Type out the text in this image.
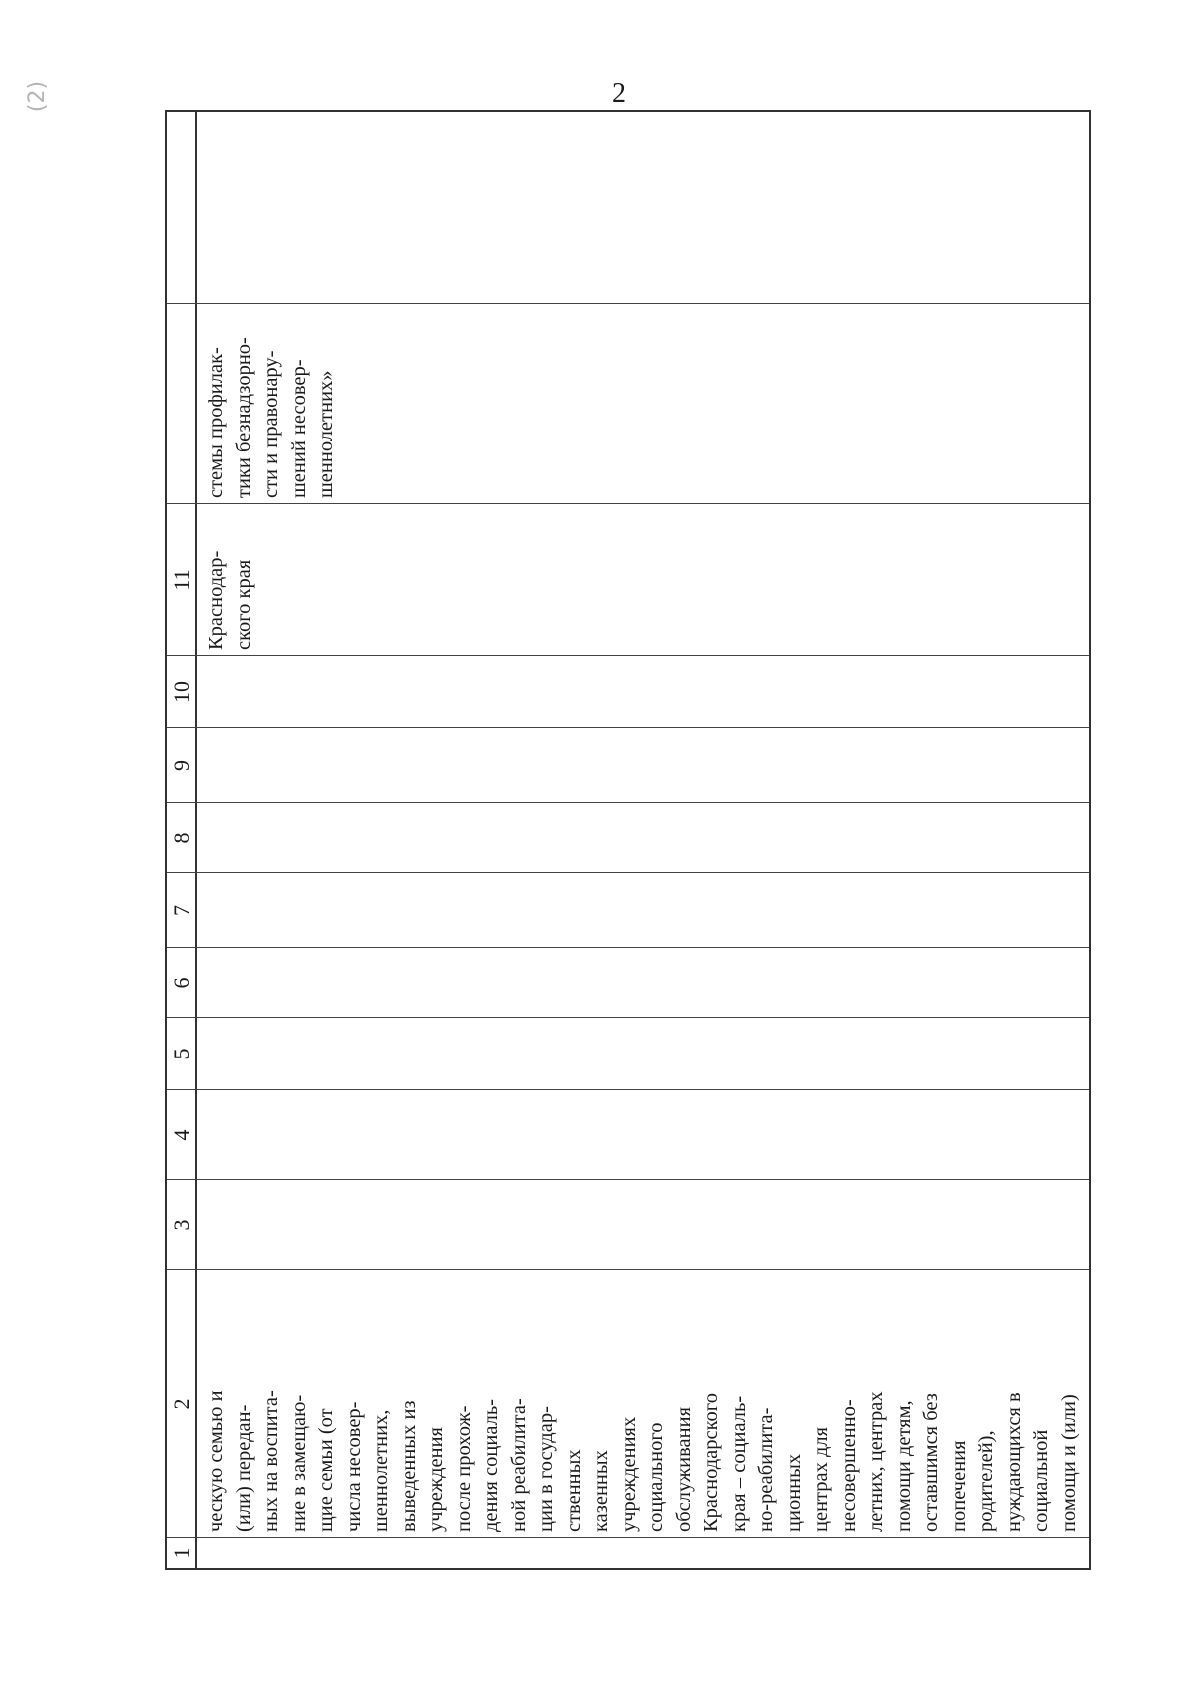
2
(2)
1
2
3
4
5
6
7
8
9
10
11
ческую семью и
(или) передан-
ных на воспита-
ние в замещаю-
щие семьи (от
числа несовер-
шеннолетних,
выведенных из
учреждения
после прохож-
дения социаль-
ной реабилита-
ции в государ-
ственных
казенных
учреждениях
социального
обслуживания
Краснодарского
края – социаль-
но-реабилита-
ционных
центрах для
несовершенно-
летних, центрах
помощи детям,
оставшимся без
попечения
родителей),
нуждающихся в
социальной
помощи и (или)
Краснодар-
ского края
стемы профилак-
тики безнадзорно-
сти и правонару-
шений несовер-
шеннолетних»
